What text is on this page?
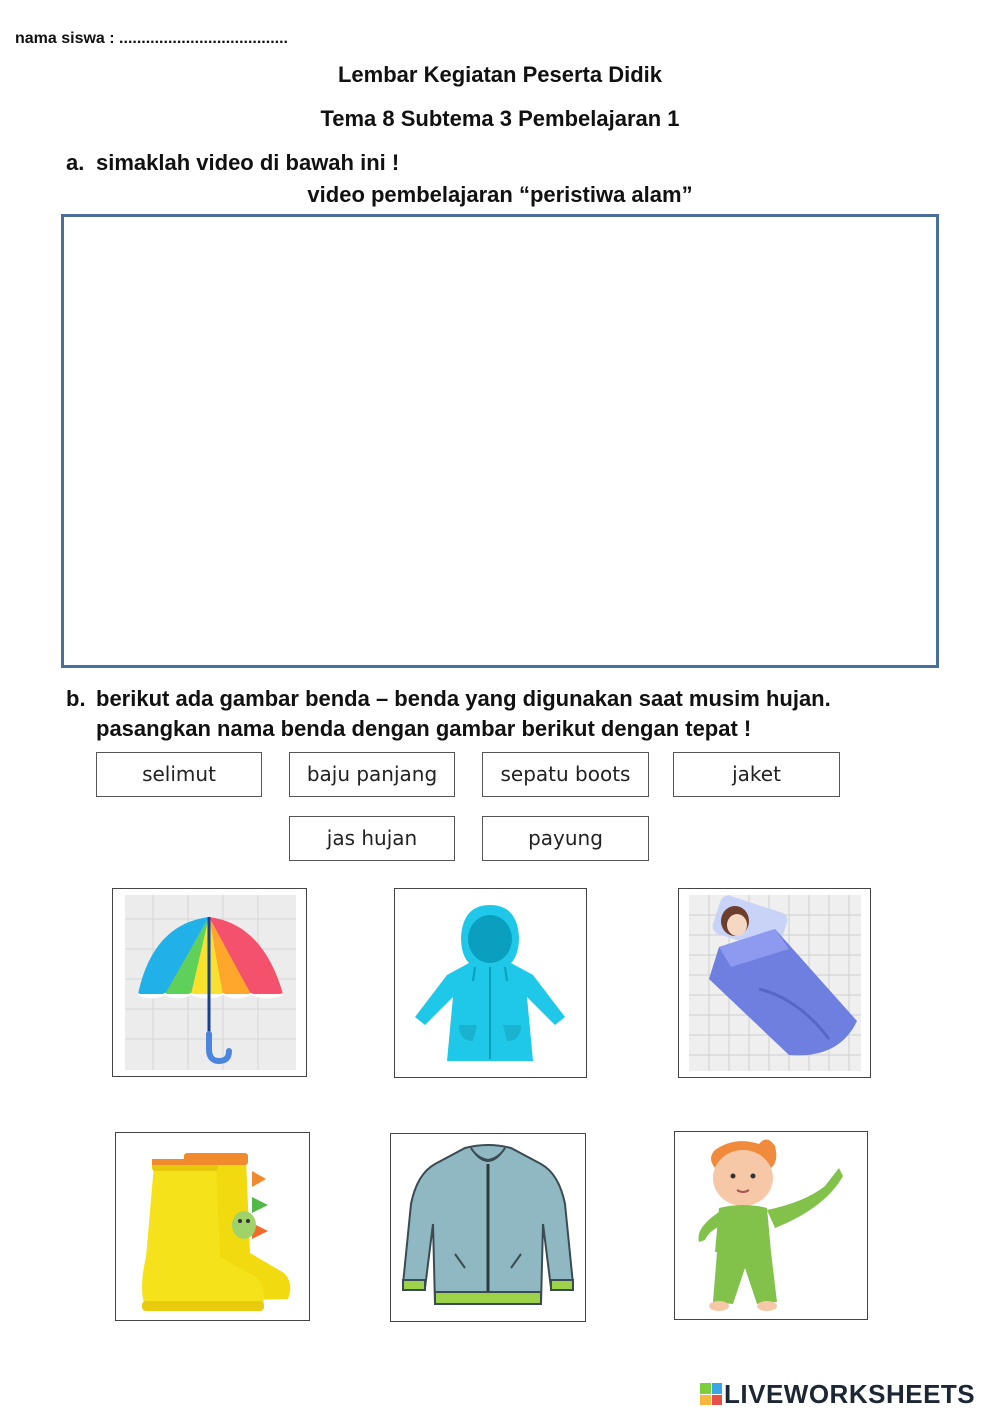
nama siswa : ......................................
Lembar Kegiatan Peserta Didik
Tema 8 Subtema 3 Pembelajaran 1
a. simaklah video di bawah ini !
video pembelajaran “peristiwa alam”
b. berikut ada gambar benda – benda yang digunakan saat musim hujan.
pasangkan nama benda dengan gambar berikut dengan tepat !
selimut	baju panjang	sepatu boots	jaket
jas hujan	payung
LIVEWORKSHEETS
